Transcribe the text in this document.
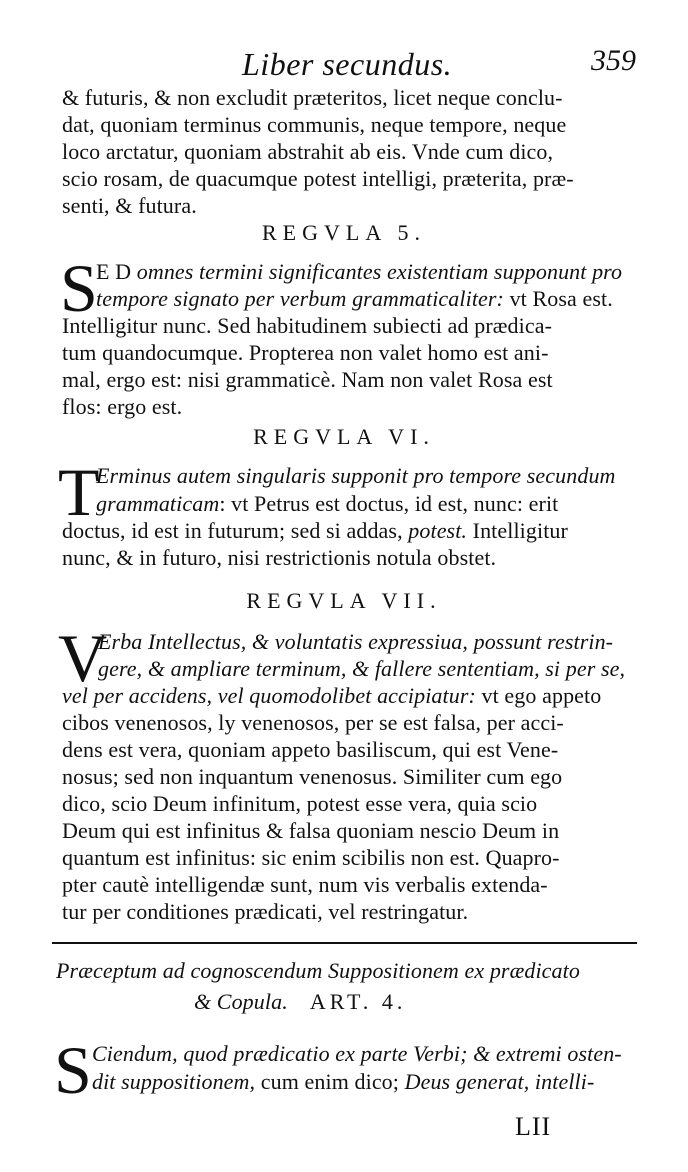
Liber secundus.	359
& futuris, & non excludit præteritos, licet neque conclu-
dat, quoniam terminus communis, neque tempore, neque
loco arctatur, quoniam abstrahit ab eis. Vnde cum dico,
scio rosam, de quacumque potest intelligi, præterita, præ-
senti, & futura.
REGVLA 5.
S
E D omnes termini significantes existentiam supponunt pro
tempore signato per verbum grammaticaliter: vt Rosa est.
Intelligitur nunc. Sed habitudinem subiecti ad prædica-
tum quandocumque. Propterea non valet homo est ani-
mal, ergo est: nisi grammaticè. Nam non valet Rosa est
flos: ergo est.
REGVLA VI.
T
Erminus autem singularis supponit pro tempore secundum
grammaticam: vt Petrus est doctus, id est, nunc: erit
doctus, id est in futurum; sed si addas, potest. Intelligitur
nunc, & in futuro, nisi restrictionis notula obstet.
REGVLA VII.
V
Erba Intellectus, & voluntatis expressiua, possunt restrin-
gere, & ampliare terminum, & fallere sententiam, si per se,
vel per accidens, vel quomodolibet accipiatur: vt ego appeto
cibos venenosos, ly venenosos, per se est falsa, per acci-
dens est vera, quoniam appeto basiliscum, qui est Vene-
nosus; sed non inquantum venenosus. Similiter cum ego
dico, scio Deum infinitum, potest esse vera, quia scio
Deum qui est infinitus & falsa quoniam nescio Deum in
quantum est infinitus: sic enim scibilis non est. Quapro-
pter cautè intelligendæ sunt, num vis verbalis extenda-
tur per conditiones prædicati, vel restringatur.
Præceptum ad cognoscendum Suppositionem ex prædicato
& Copula. ART. 4.
S Ciendum, quod prædicatio ex parte Verbi; & extremi osten-
dit suppositionem, cum enim dico; Deus generat, intelli-
LII
